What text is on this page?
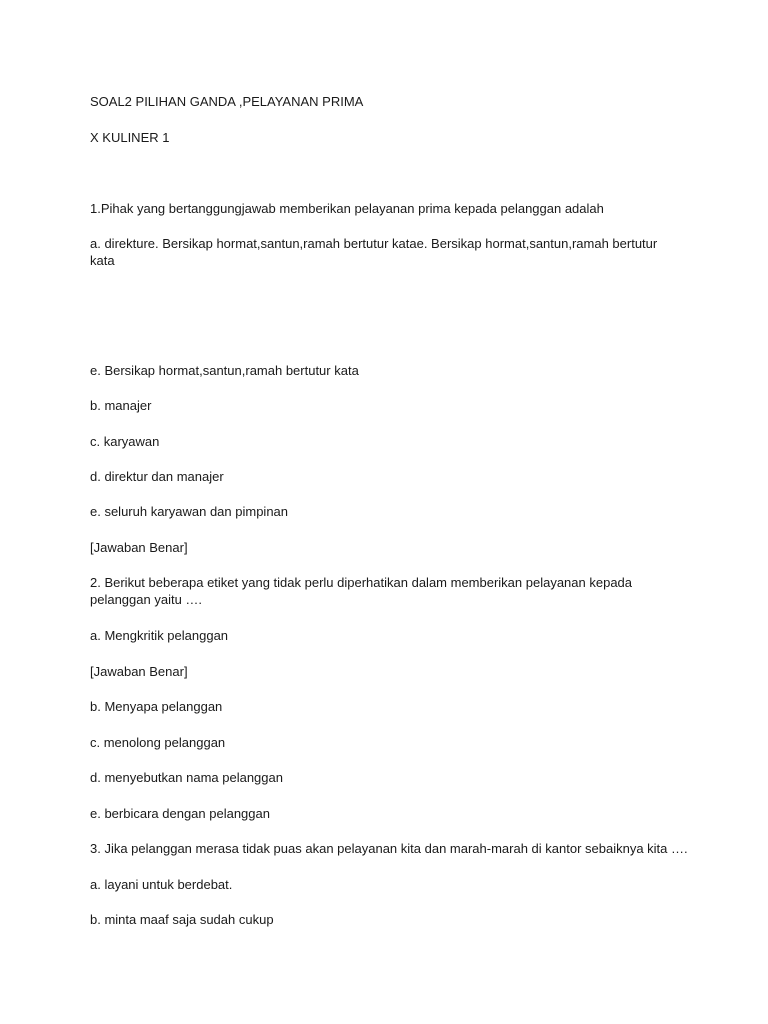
SOAL2 PILIHAN GANDA ,PELAYANAN PRIMA
X KULINER 1
1.Pihak yang bertanggungjawab memberikan pelayanan prima kepada pelanggan adalah
a. direkture. Bersikap hormat,santun,ramah bertutur katae. Bersikap hormat,santun,ramah bertutur kata
e. Bersikap hormat,santun,ramah bertutur kata
b. manajer
c. karyawan
d. direktur dan manajer
e. seluruh karyawan dan pimpinan
[Jawaban Benar]
2. Berikut beberapa etiket yang tidak perlu diperhatikan dalam memberikan pelayanan kepada pelanggan yaitu ….
a. Mengkritik pelanggan
[Jawaban Benar]
b. Menyapa pelanggan
c. menolong pelanggan
d. menyebutkan nama pelanggan
e. berbicara dengan pelanggan
3. Jika pelanggan merasa tidak puas akan pelayanan kita dan marah-marah di kantor sebaiknya kita ….
a. layani untuk berdebat.
b. minta maaf saja sudah cukup
